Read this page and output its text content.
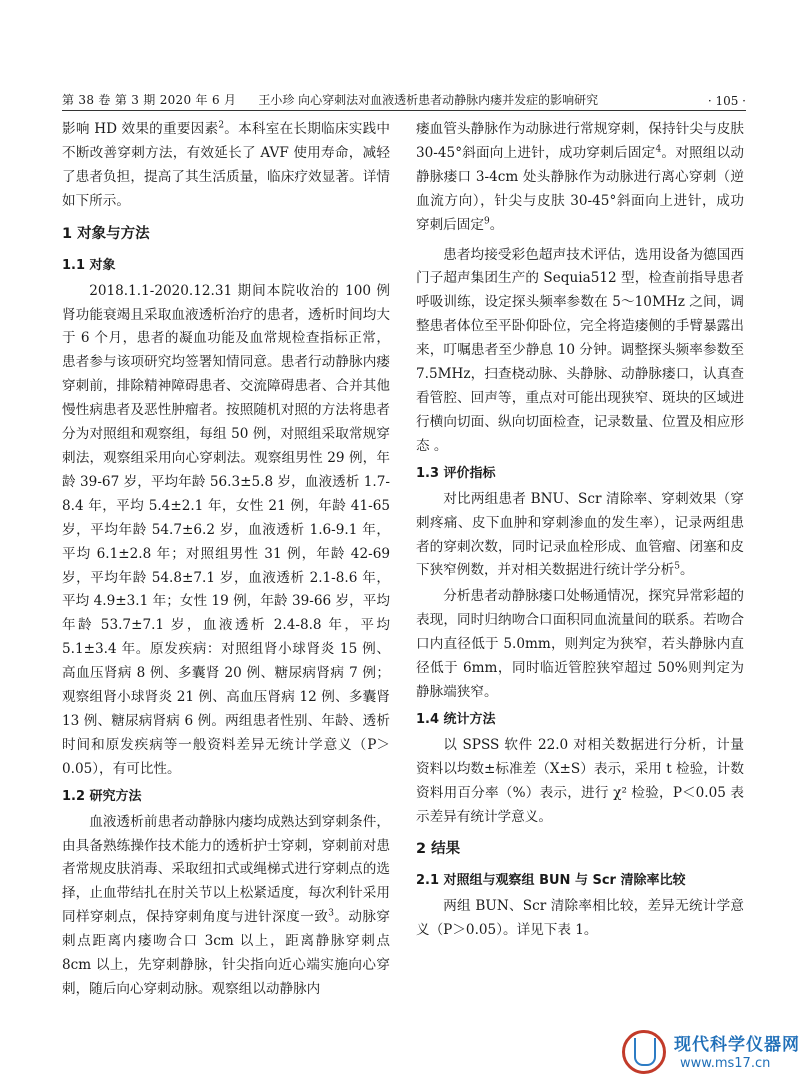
第 38 卷 第 3 期 2020 年 6 月 王小珍 向心穿刺法对血液透析患者动静脉内瘘并发症的影响研究	· 105 ·

影响 HD 效果的重要因素$^2$。本科室在长期临床实践中不断改善穿刺方法，有效延长了 AVF 使用寿命，减轻了患者负担，提高了其生活质量，临床疗效显著。详情如下所示。

1 对象与方法
1.1 对象

2018.1.1-2020.12.31 期间本院收治的 100 例肾功能衰竭且采取血液透析治疗的患者，透析时间均大于 6 个月，患者的凝血功能及血常规检查指标正常，患者参与该项研究均签署知情同意。患者行动静脉内瘘穿刺前，排除精神障碍患者、交流障碍患者、合并其他慢性病患者及恶性肿瘤者。按照随机对照的方法将患者分为对照组和观察组，每组 50 例，对照组采取常规穿刺法，观察组采用向心穿刺法。观察组男性 29 例，年龄 39-67 岁，平均年龄 56.3±5.8 岁，血液透析 1.7-8.4 年，平均 5.4±2.1 年，女性 21 例，年龄 41-65 岁，平均年龄 54.7±6.2 岁，血液透析 1.6-9.1 年，平均 6.1±2.8 年；对照组男性 31 例，年龄 42-69 岁，平均年龄 54.8±7.1 岁，血液透析 2.1-8.6 年，平均 4.9±3.1 年；女性 19 例，年龄 39-66 岁，平均年龄 53.7±7.1 岁，血液透析 2.4-8.8 年，平均 5.1±3.4 年。原发疾病：对照组肾小球肾炎 15 例、高血压肾病 8 例、多囊肾 20 例、糖尿病肾病 7 例；观察组肾小球肾炎 21 例、高血压肾病 12 例、多囊肾 13 例、糖尿病肾病 6 例。两组患者性别、年龄、透析时间和原发疾病等一般资料差异无统计学意义（P＞0.05），有可比性。

1.2 研究方法

血液透析前患者动静脉内瘘均成熟达到穿刺条件，由具备熟练操作技术能力的透析护士穿刺，穿刺前对患者常规皮肤消毒、采取纽扣式或绳梯式进行穿刺点的选择，止血带结扎在肘关节以上松紧适度，每次利针采用同样穿刺点，保持穿刺角度与进针深度一致$^3$。动脉穿刺点距离内瘘吻合口 3cm 以上，距离静脉穿刺点 8cm 以上，先穿刺静脉，针尖指向近心端实施向心穿刺，随后向心穿刺动脉。观察组以动静脉内

瘘血管头静脉作为动脉进行常规穿刺，保持针尖与皮肤 30-45°斜面向上进针，成功穿刺后固定$^4$。对照组以动静脉瘘口 3-4cm 处头静脉作为动脉进行离心穿刺（逆血流方向），针尖与皮肤 30-45°斜面向上进针，成功穿刺后固定$^9$。

患者均接受彩色超声技术评估，选用设备为德国西门子超声集团生产的 Sequia512 型，检查前指导患者呼吸训练，设定探头频率参数在 5～10MHz 之间，调整患者体位至平卧仰卧位，完全将造瘘侧的手臂暴露出来，叮嘱患者至少静息 10 分钟。调整探头频率参数至 7.5MHz，扫查桡动脉、头静脉、动静脉瘘口，认真查看管腔、回声等，重点对可能出现狭窄、斑块的区域进行横向切面、纵向切面检查，记录数量、位置及相应形态 。

1.3 评价指标

对比两组患者 BNU、Scr 清除率、穿刺效果（穿刺疼痛、皮下血肿和穿刺渗血的发生率），记录两组患者的穿刺次数，同时记录血栓形成、血管瘤、闭塞和皮下狭窄例数，并对相关数据进行统计学分析$^5$。

分析患者动静脉瘘口处畅通情况，探究异常彩超的表现，同时归纳吻合口面积同血流量间的联系。若吻合口内直径低于 5.0mm，则判定为狭窄，若头静脉内直径低于 6mm，同时临近管腔狭窄超过 50%则判定为静脉端狭窄。

1.4 统计方法

以 SPSS 软件 22.0 对相关数据进行分析，计量资料以均数±标准差（X±S）表示，采用 t 检验，计数资料用百分率（%）表示，进行 χ² 检验，P＜0.05 表示差异有统计学意义。

2 结果
2.1 对照组与观察组 BUN 与 Scr 清除率比较

两组 BUN、Scr 清除率相比较，差异无统计学意义（P＞0.05）。详见下表 1。

现代科学仪器网
www.ms17.cn
